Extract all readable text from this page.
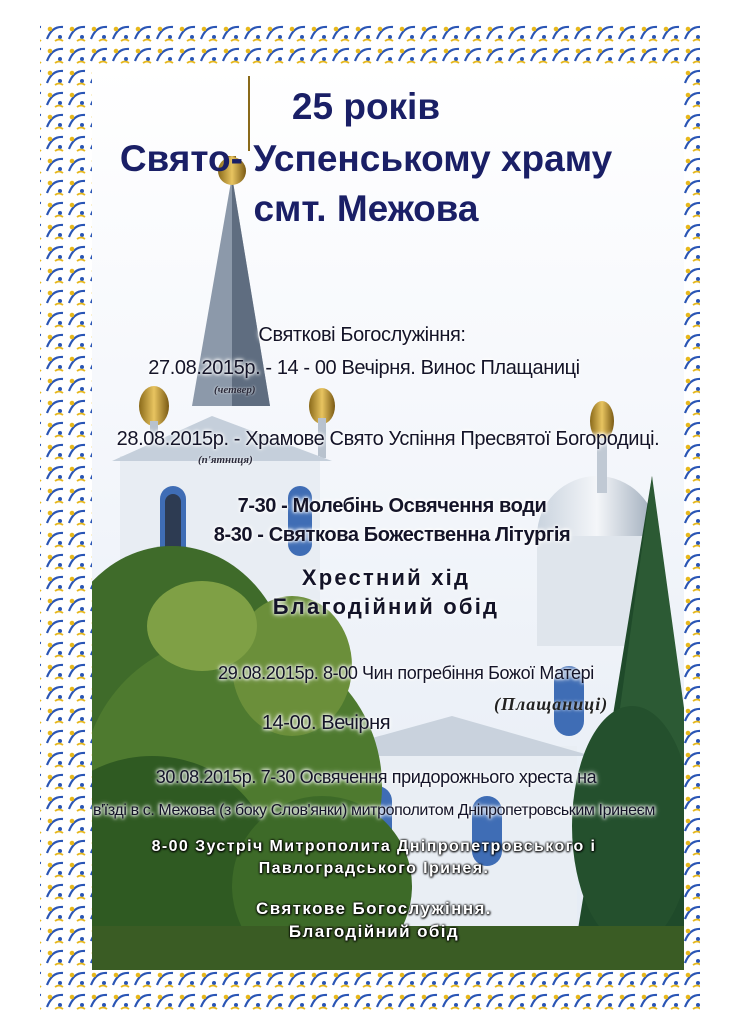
25 років
Свято- Успенському храму
смт. Межова
Святкові Богослужіння:
27.08.2015р. - 14 - 00 Вечірня. Винос Плащаниці
(четвер)
28.08.2015р. - Храмове Свято Успіння Пресвятої Богородиці.
(п'ятниця)
7-30 - Молебінь Освячення води
8-30 - Святкова Божественна Літургія
Хрестний хід
Благодійний обід
29.08.2015р. 8-00 Чин погребіння Божої Матері
(Плащаниці)
14-00. Вечірня
30.08.2015р. 7-30 Освячення придорожнього хреста на
в'їзді в с. Межова (з боку Слов'янки) митрополитом Дніпропетровським Іринеєм
8-00 Зустріч Митрополита Дніпропетровського і
Павлоградського Іринея.
Святкове Богослужіння.
Благодійний обід
